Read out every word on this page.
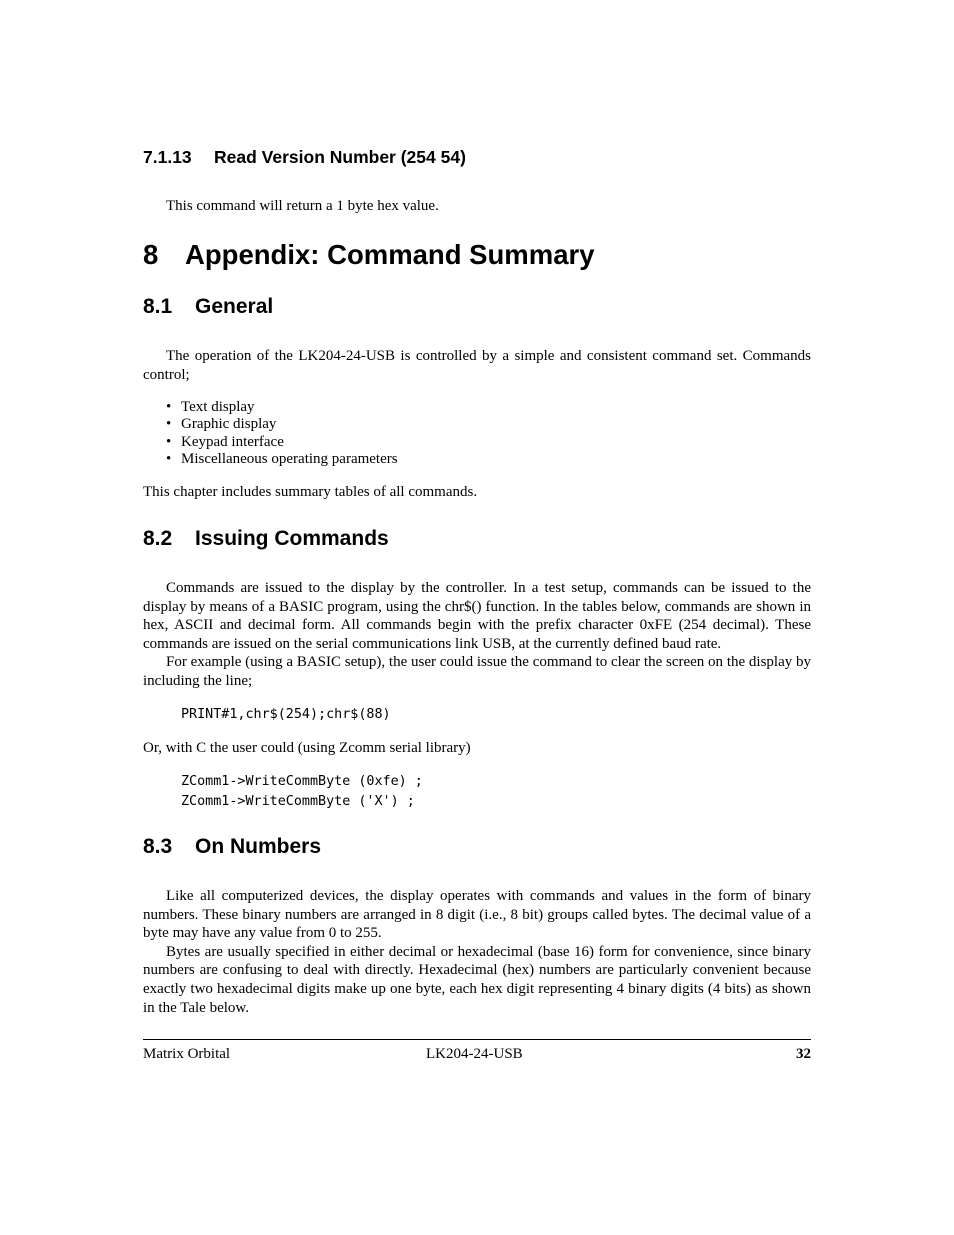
7.1.13 Read Version Number (254 54)

This command will return a 1 byte hex value.

8 Appendix: Command Summary
8.1 General

The operation of the LK204-24-USB is controlled by a simple and consistent command set. Commands control;

• Text display
• Graphic display
• Keypad interface
• Miscellaneous operating parameters

This chapter includes summary tables of all commands.

8.2 Issuing Commands

Commands are issued to the display by the controller. In a test setup, commands can be issued to the display by means of a BASIC program, using the chr$() function. In the tables below, commands are shown in hex, ASCII and decimal form. All commands begin with the prefix character 0xFE (254 decimal). These commands are issued on the serial communications link USB, at the currently defined baud rate.

For example (using a BASIC setup), the user could issue the command to clear the screen on the display by including the line;

PRINT#1,chr$(254);chr$(88)

Or, with C the user could (using Zcomm serial library)

ZComm1->WriteCommByte (0xfe) ;
ZComm1->WriteCommByte ('X') ;
8.3 On Numbers

Like all computerized devices, the display operates with commands and values in the form of binary numbers. These binary numbers are arranged in 8 digit (i.e., 8 bit) groups called bytes. The decimal value of a byte may have any value from 0 to 255.

Bytes are usually specified in either decimal or hexadecimal (base 16) form for convenience, since binary numbers are confusing to deal with directly. Hexadecimal (hex) numbers are particularly convenient because exactly two hexadecimal digits make up one byte, each hex digit representing 4 binary digits (4 bits) as shown in the Tale below.

Matrix Orbital	LK204-24-USB	32
